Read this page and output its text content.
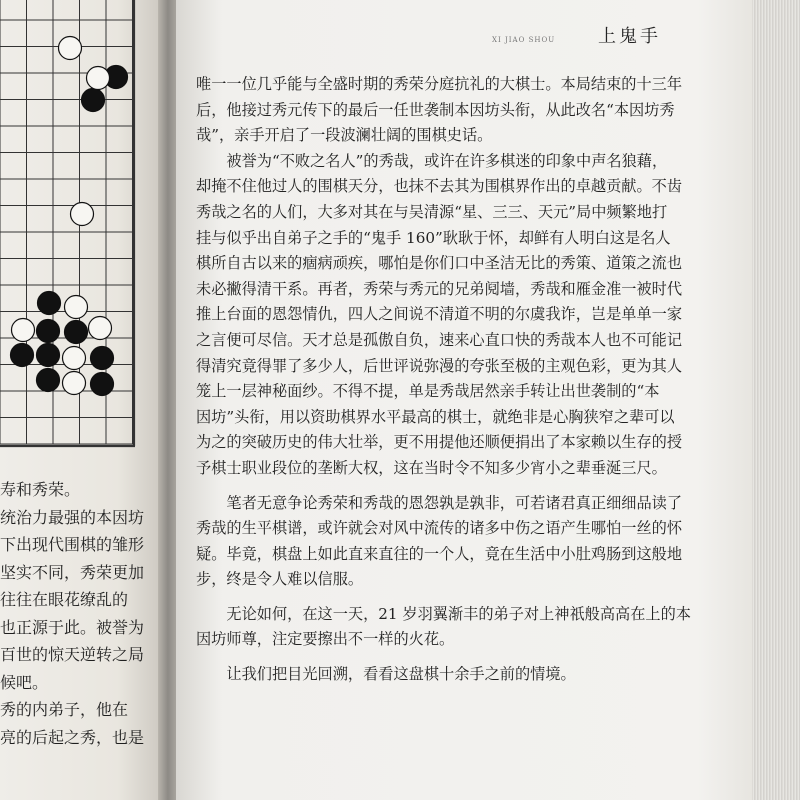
寿和秀荣。
统治力最强的本因坊
下出现代围棋的雏形
坚实不同，秀荣更加
往往在眼花缭乱的
也正源于此。被誉为
百世的惊天逆转之局
候吧。
秀的内弟子，他在
亮的后起之秀，也是
XI JIAO SHOU 上鬼手

唯一一位几乎能与全盛时期的秀荣分庭抗礼的大棋士。本局结束的十三年

后，他接过秀元传下的最后一任世袭制本因坊头衔，从此改名“本因坊秀

哉”，亲手开启了一段波澜壮阔的围棋史话。

　　被誉为“不败之名人”的秀哉，或许在许多棋迷的印象中声名狼藉，

却掩不住他过人的围棋天分，也抹不去其为围棋界作出的卓越贡献。不齿

秀哉之名的人们，大多对其在与吴清源“星、三三、天元”局中频繁地打

挂与似乎出自弟子之手的“鬼手 160”耿耿于怀，却鲜有人明白这是名人

棋所自古以来的痼病顽疾，哪怕是你们口中圣洁无比的秀策、道策之流也

未必撇得清干系。再者，秀荣与秀元的兄弟阋墙，秀哉和雁金准一被时代

推上台面的恩怨情仇，四人之间说不清道不明的尔虞我诈，岂是单单一家

之言便可尽信。天才总是孤傲自负，速来心直口快的秀哉本人也不可能记

得清究竟得罪了多少人，后世评说弥漫的夸张至极的主观色彩，更为其人

笼上一层神秘面纱。不得不提，单是秀哉居然亲手转让出世袭制的“本

因坊”头衔，用以资助棋界水平最高的棋士，就绝非是心胸狭窄之辈可以

为之的突破历史的伟大壮举，更不用提他还顺便捐出了本家赖以生存的授

予棋士职业段位的垄断大权，这在当时令不知多少宵小之辈垂涎三尺。

　　笔者无意争论秀荣和秀哉的恩怨孰是孰非，可若诸君真正细细品读了

秀哉的生平棋谱，或许就会对风中流传的诸多中伤之语产生哪怕一丝的怀

疑。毕竟，棋盘上如此直来直往的一个人，竟在生活中小肚鸡肠到这般地

步，终是令人难以信服。

　　无论如何，在这一天，21 岁羽翼渐丰的弟子对上神祇般高高在上的本

因坊师尊，注定要擦出不一样的火花。

　　让我们把目光回溯，看看这盘棋十余手之前的情境。
